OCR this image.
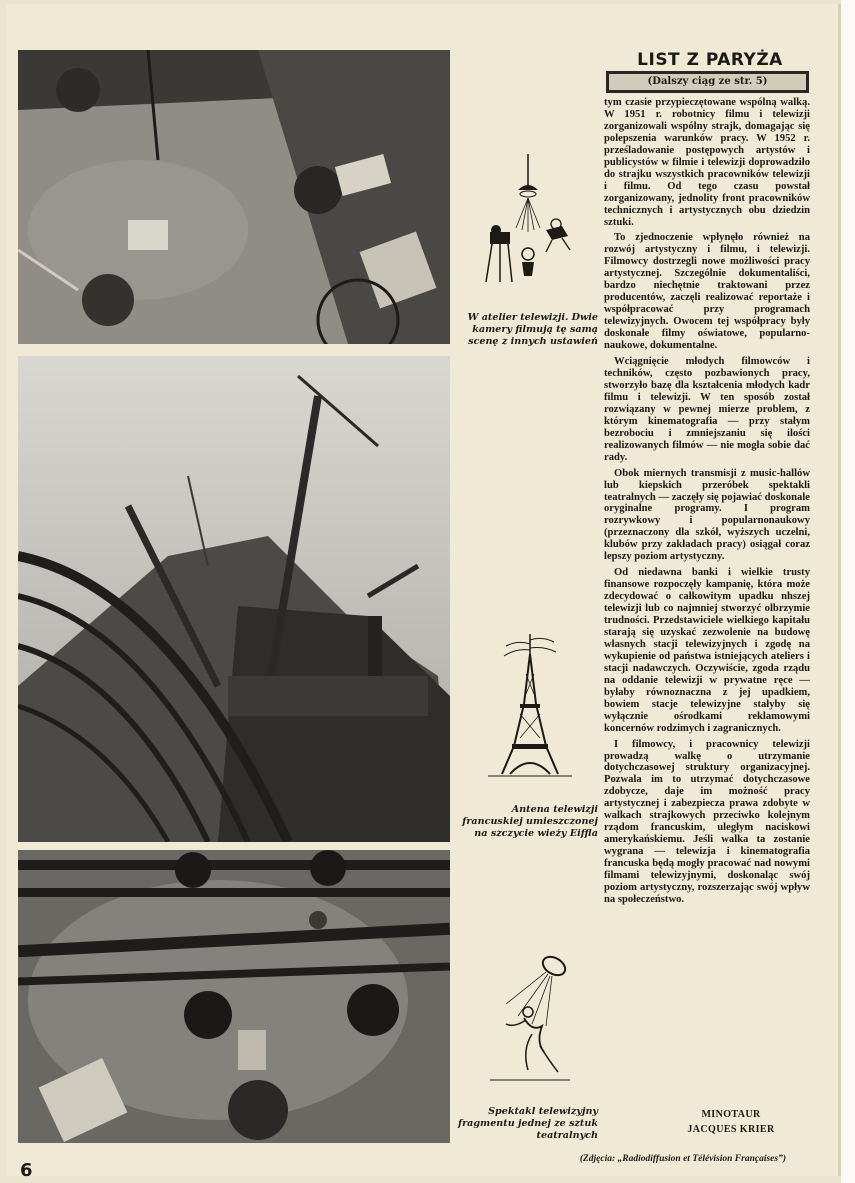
W atelier telewizji. Dwie kamery filmują tę samą scenę z innych ustawień
Antena telewizji francuskiej umieszczonej na szczycie wieży Eiffla
Spektakl telewizyjny fragmentu jednej ze sztuk teatralnych
LIST Z PARYŻA
(Dalszy ciąg ze str. 5)

tym czasie przypieczętowane wspólną walką. W 1951 r. robotnicy filmu i telewizji zorganizowali wspólny strajk, domagając się polepszenia warunków pracy. W 1952 r. prześladowanie postępowych artystów i publicystów w filmie i telewizji doprowadziło do strajku wszystkich pracowników telewizji i filmu. Od tego czasu powstał zorganizowany, jednolity front pracowników technicznych i artystycznych obu dziedzin sztuki.

To zjednoczenie wpłynęło również na rozwój artystyczny i filmu, i telewizji. Filmowcy dostrzegli nowe możliwości pracy artystycznej. Szczególnie dokumentaliści, bardzo niechętnie traktowani przez producentów, zaczęli realizować reportaże i współpracować przy programach telewizyjnych. Owocem tej współpracy były doskonałe filmy oświatowe, popularno-naukowe, dokumentalne.

Wciągnięcie młodych filmowców i techników, często pozbawionych pracy, stworzyło bazę dla kształcenia młodych kadr filmu i telewizji. W ten sposób został rozwiązany w pewnej mierze problem, z którym kinematografia — przy stałym bezrobociu i zmniejszaniu się ilości realizowanych filmów — nie mogła sobie dać rady.

Obok miernych transmisji z music-hallów lub kiepskich przeróbek spektakli teatralnych — zaczęły się pojawiać doskonale oryginalne programy. I program rozrywkowy i popularnonaukowy (przeznaczony dla szkół, wyższych uczelni, klubów przy zakładach pracy) osiągał coraz lepszy poziom artystyczny.

Od niedawna banki i wielkie trusty finansowe rozpoczęły kampanię, która może zdecydować o całkowitym upadku nhszej telewizji lub co najmniej stworzyć olbrzymie trudności. Przedstawiciele wielkiego kapitału starają się uzyskać zezwolenie na budowę własnych stacji telewizyjnych i zgodę na wykupienie od państwa istniejących ateliers i stacji nadawczych. Oczywiście, zgoda rządu na oddanie telewizji w prywatne ręce — byłaby równoznaczna z jej upadkiem, bowiem stacje telewizyjne stałyby się wyłącznie ośrodkami reklamowymi koncernów rodzimych i zagranicznych.

I filmowcy, i pracownicy telewizji prowadzą walkę o utrzymanie dotychczasowej struktury organizacyjnej. Pozwala im to utrzymać dotychczasowe zdobycze, daje im możność pracy artystycznej i zabezpiecza prawa zdobyte w walkach strajkowych przeciwko kolejnym rządom francuskim, uległym naciskowi amerykańskiemu. Jeśli walka ta zostanie wygrana — telewizja i kinematografia francuska będą mogły pracować nad nowymi filmami telewizyjnymi, doskonaląc swój poziom artystyczny, rozszerzając swój wpływ na społeczeństwo.

MINOTAUR
JACQUES KRIER
(Zdjęcia: „Radiodiffusion et Télévision Françaises”)
6
